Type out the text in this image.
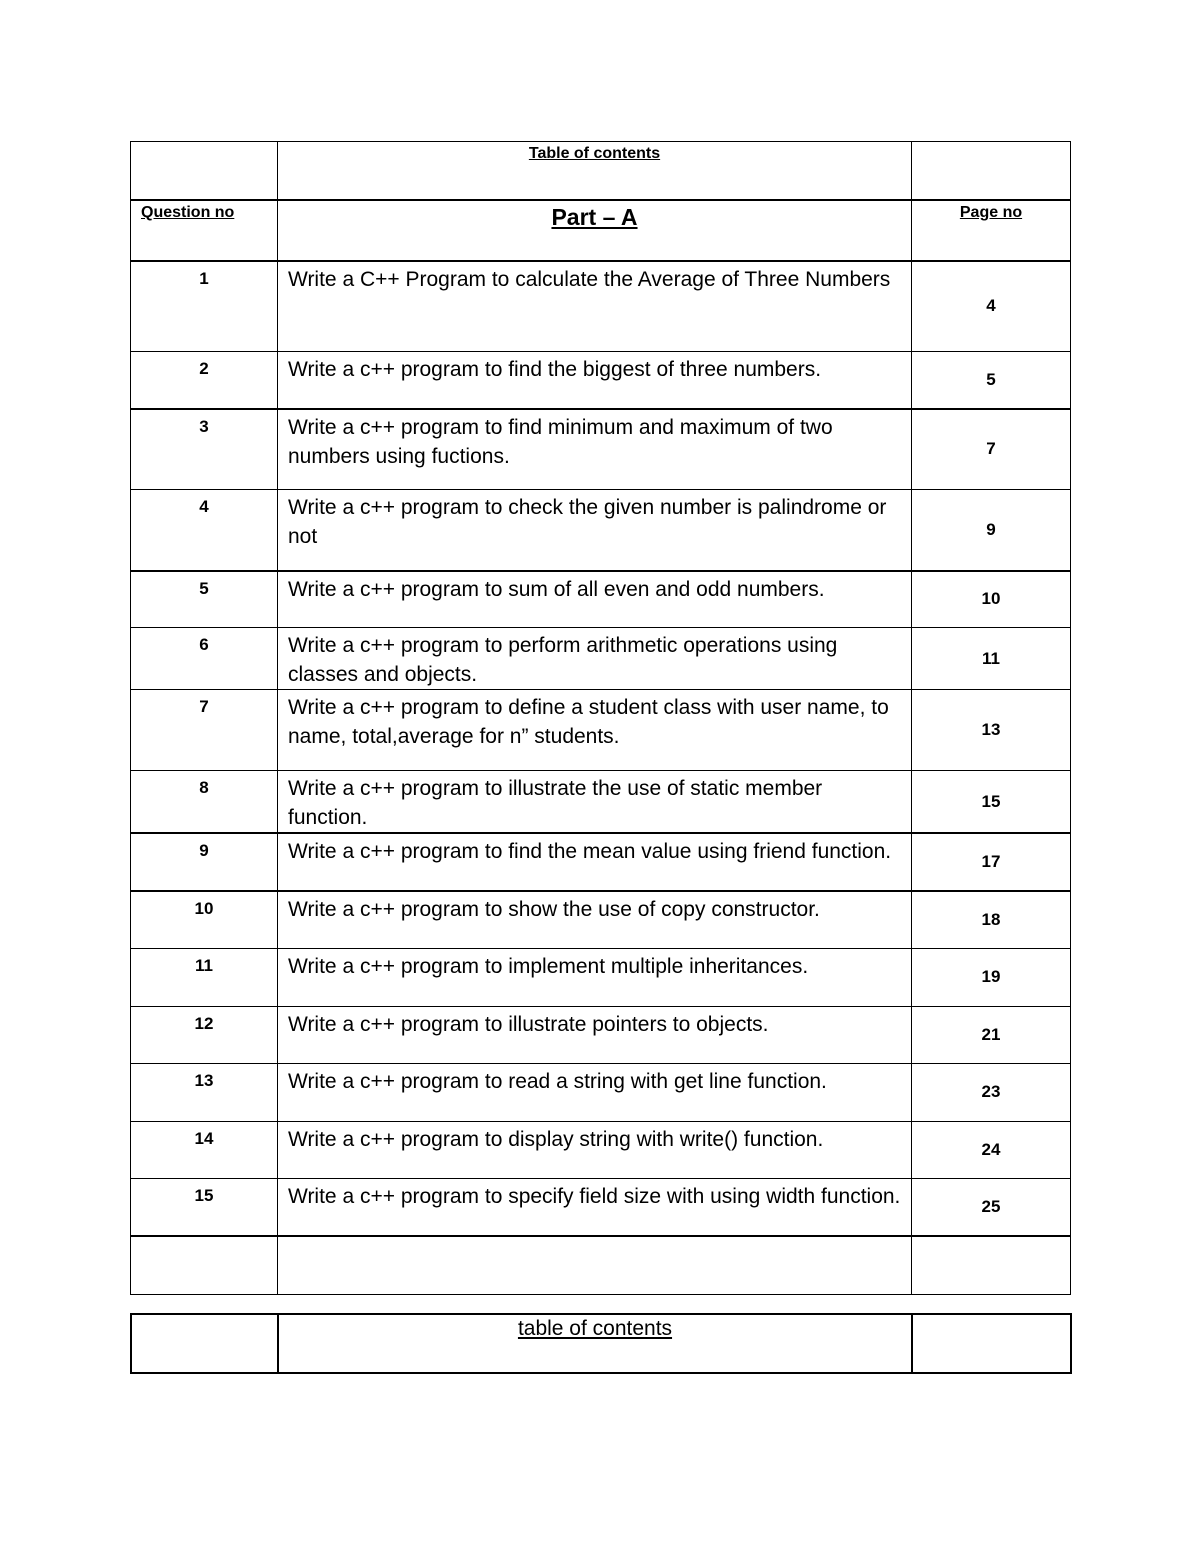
	Table of contents	
Question no	Part – A	Page no
1	Write a C++ Program to calculate the Average of Three Numbers	4
2	Write a c++ program to find the biggest of three numbers.	5
3	Write a c++ program to find minimum and maximum of two numbers using fuctions.	7
4	Write a c++ program to check the given number is palindrome or not	9
5	Write a c++ program to sum of all even and odd numbers.	10
6	Write a c++ program to perform arithmetic operations using classes and objects.	11
7	Write a c++ program to define a student class with user name, to name, total,average for n” students.	13
8	Write a c++ program to illustrate the use of static member function.	15
9	Write a c++ program to find the mean value using friend function.	17
10	Write a c++ program to show the use of copy constructor.	18
11	Write a c++ program to implement multiple inheritances.	19
12	Write a c++ program to illustrate pointers to objects.	21
13	Write a c++ program to read a string with get line function.	23
14	Write a c++ program to display string with write() function.	24
15	Write a c++ program to specify field size with using width function.	25

	table of contents	
